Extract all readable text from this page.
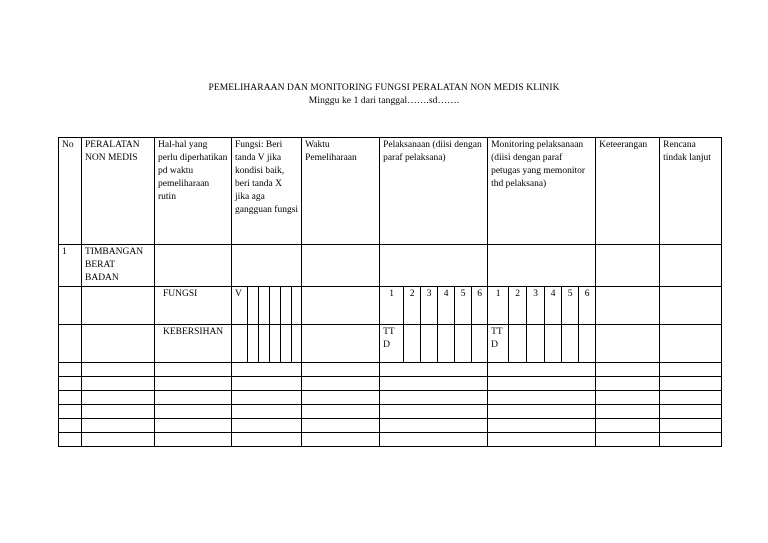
PEMELIHARAAN DAN MONITORING FUNGSI PERALATAN NON MEDIS KLINIK
Minggu ke 1 dari tanggal…….sd…….
No	PERALATAN NON MEDIS	Hal-hal yang perlu diperhatikan pd waktu pemeliharaan rutin	Fungsi: Beri tanda V jika kondisi baik, beri tanda X jika aga gangguan fungsi						Waktu Pemeliharaan	Pelaksanaan (diisi dengan paraf pelaksana)						Monitoring pelaksanaan (diisi dengan paraf petugas yang memonitor thd pelaksana)						Keteerangan	Rencana tindak lanjut
1	TIMBANGAN BERAT BADAN																						
		FUNGSI	V							1	2	3	4	5	6	1	2	3	4	5	6		
		KEBERSIHAN								TTD						TTD							
